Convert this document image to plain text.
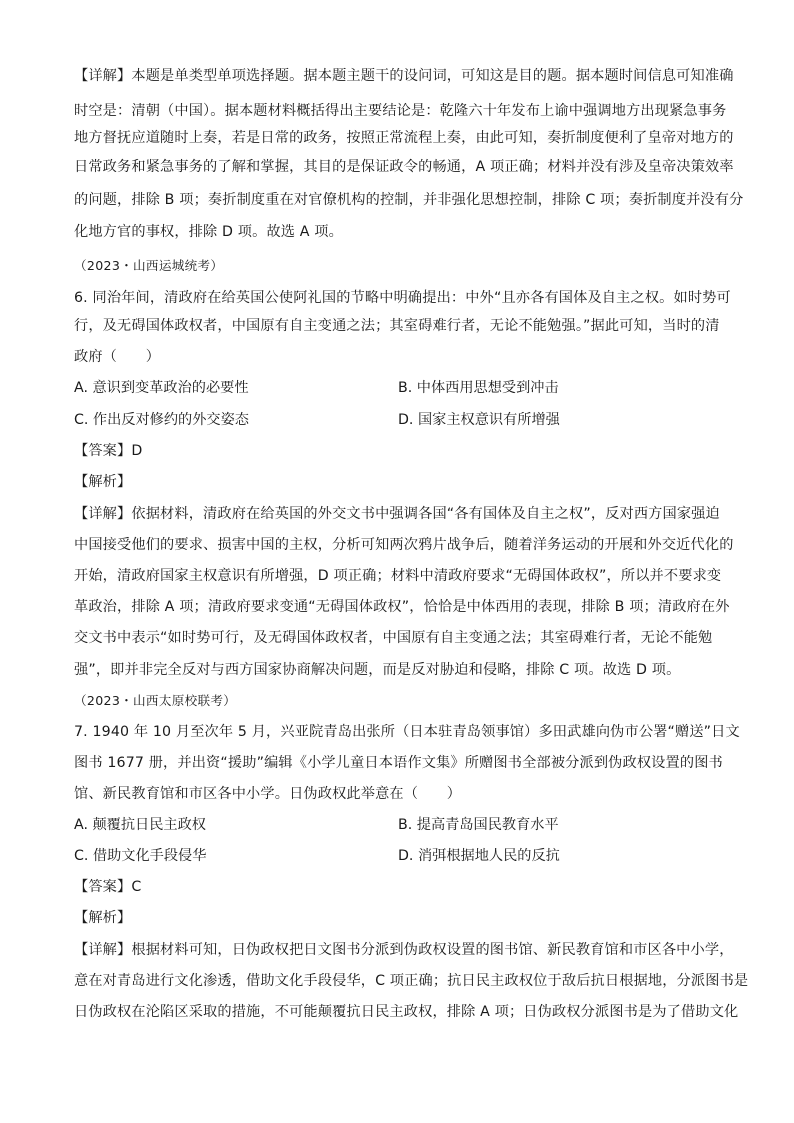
【详解】本题是单类型单项选择题。据本题主题干的设问词，可知这是目的题。据本题时间信息可知准确
时空是：清朝（中国）。据本题材料概括得出主要结论是：乾隆六十年发布上谕中强调地方出现紧急事务
地方督抚应道随时上奏，若是日常的政务，按照正常流程上奏，由此可知，奏折制度便利了皇帝对地方的
日常政务和紧急事务的了解和掌握，其目的是保证政令的畅通，A 项正确；材料并没有涉及皇帝决策效率
的问题，排除 B 项；奏折制度重在对官僚机构的控制，并非强化思想控制，排除 C 项；奏折制度并没有分
化地方官的事权，排除 D 项。故选 A 项。
（2023・山西运城统考）
6. 同治年间，清政府在给英国公使阿礼国的节略中明确提出：中外“且亦各有国体及自主之权。如时势可
行，及无碍国体政权者，中国原有自主变通之法；其室碍难行者，无论不能勉强。”据此可知，当时的清
政府（　　）
A. 意识到变革政治的必要性	B. 中体西用思想受到冲击
C. 作出反对修约的外交姿态	D. 国家主权意识有所增强
【答案】D
【解析】
【详解】依据材料，清政府在给英国的外交文书中强调各国“各有国体及自主之权”，反对西方国家强迫
中国接受他们的要求、损害中国的主权，分析可知两次鸦片战争后，随着洋务运动的开展和外交近代化的
开始，清政府国家主权意识有所增强，D 项正确；材料中清政府要求“无碍国体政权”，所以并不要求变
革政治，排除 A 项；清政府要求变通“无碍国体政权”，恰恰是中体西用的表现，排除 B 项；清政府在外
交文书中表示“如时势可行，及无碍国体政权者，中国原有自主变通之法；其室碍难行者，无论不能勉
强”，即并非完全反对与西方国家协商解决问题，而是反对胁迫和侵略，排除 C 项。故选 D 项。
（2023・山西太原校联考）
7. 1940 年 10 月至次年 5 月，兴亚院青岛出张所（日本驻青岛领事馆）多田武雄向伪市公署“赠送”日文
图书 1677 册，并出资“援助”编辑《小学儿童日本语作文集》所赠图书全部被分派到伪政权设置的图书
馆、新民教育馆和市区各中小学。日伪政权此举意在（　　）
A. 颠覆抗日民主政权	B. 提高青岛国民教育水平
C. 借助文化手段侵华	D. 消弭根据地人民的反抗
【答案】C
【解析】
【详解】根据材料可知，日伪政权把日文图书分派到伪政权设置的图书馆、新民教育馆和市区各中小学，
意在对青岛进行文化渗透，借助文化手段侵华，C 项正确；抗日民主政权位于敌后抗日根据地，分派图书是
日伪政权在沦陷区采取的措施，不可能颠覆抗日民主政权，排除 A 项；日伪政权分派图书是为了借助文化
